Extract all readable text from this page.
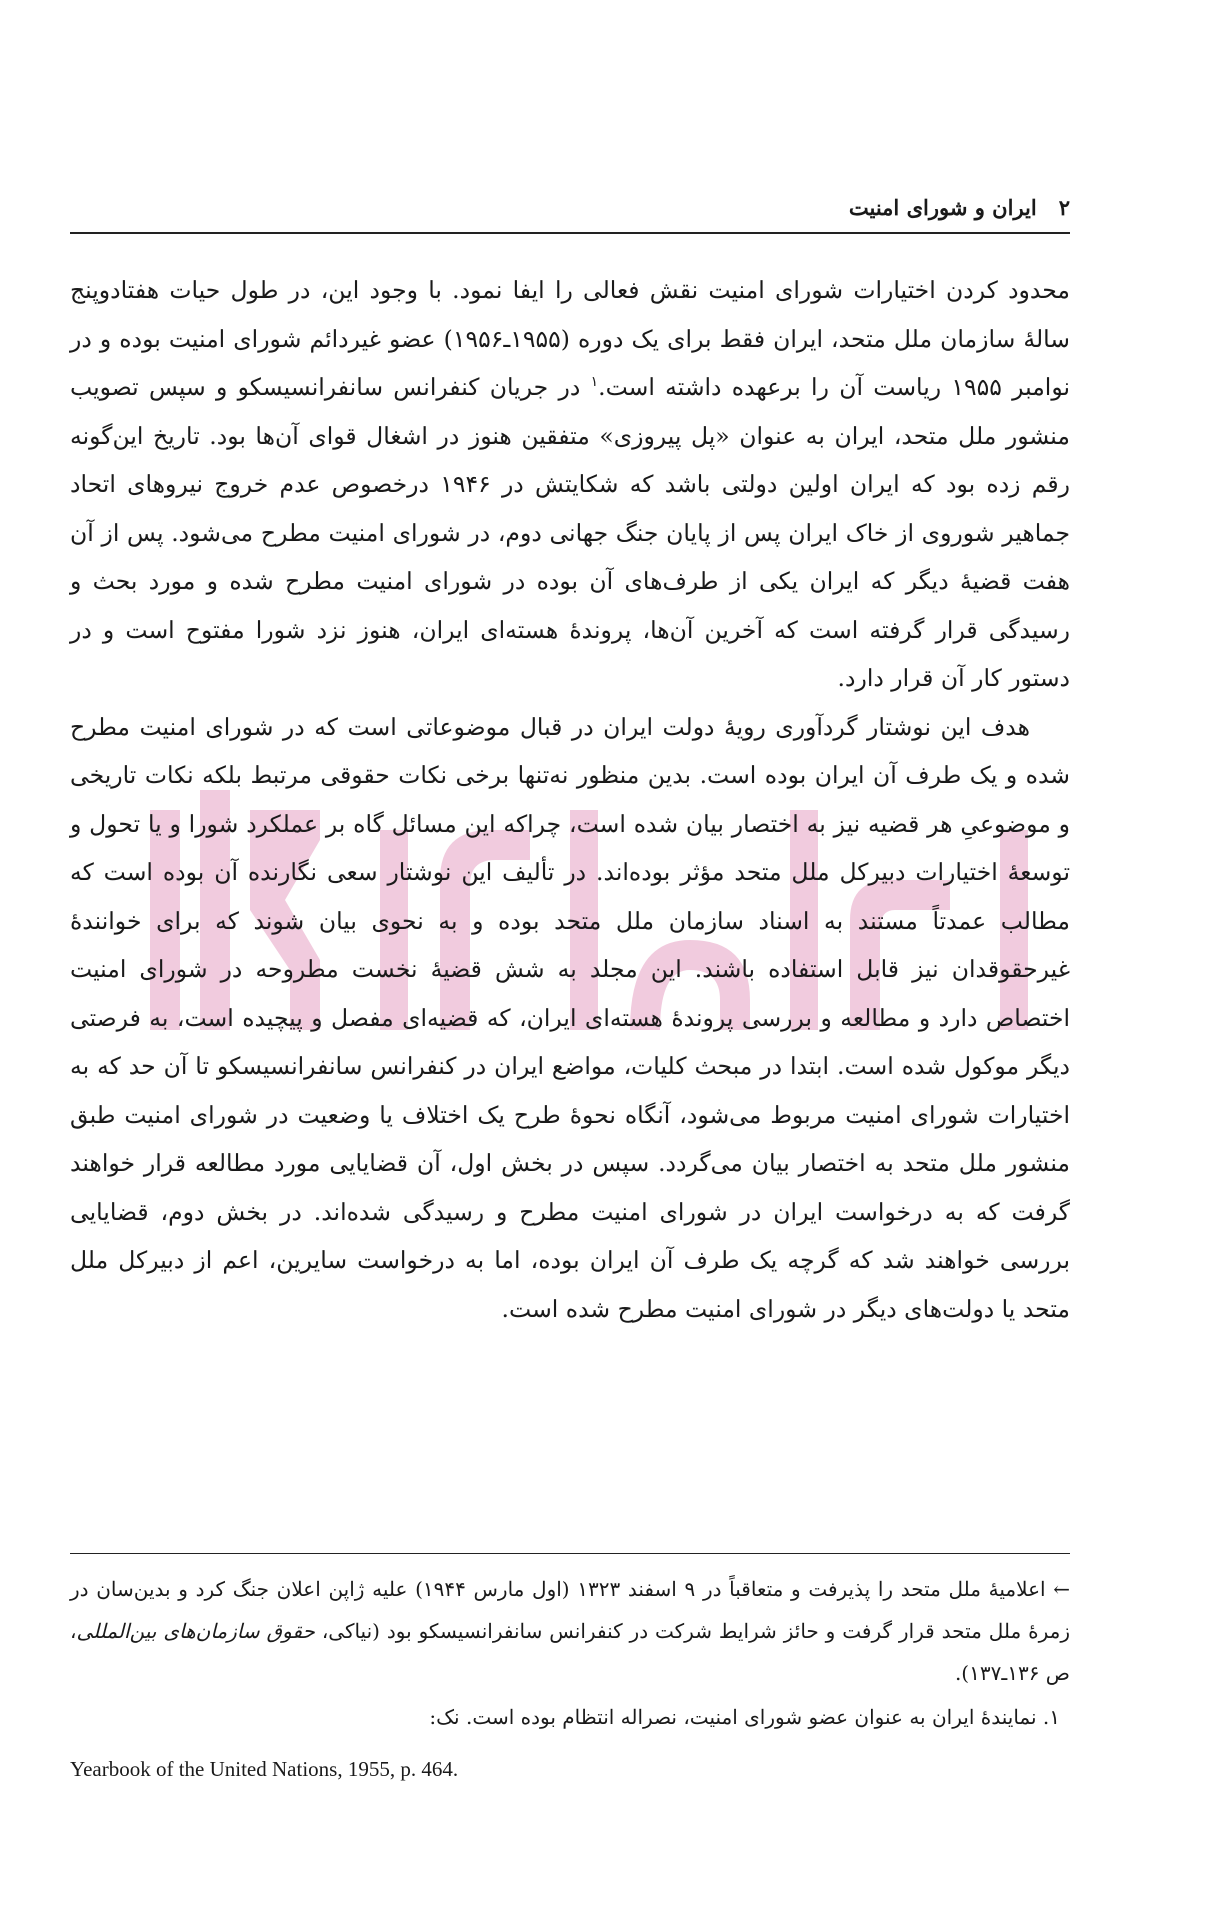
۲
ایران و شورای امنیت

محدود کردن اختیارات شورای امنیت نقش فعالی را ایفا نمود. با وجود این، در طول حیات هفتادوپنج سالهٔ سازمان ملل متحد، ایران فقط برای یک دوره (۱۹۵۵ـ۱۹۵۶) عضو غیردائم شورای امنیت بوده و در نوامبر ۱۹۵۵ ریاست آن را برعهده داشته است.$^۱$ در جریان کنفرانس سانفرانسیسکو و سپس تصویب منشور ملل متحد، ایران به عنوان «پل پیروزی» متفقین هنوز در اشغال قوای آن‌ها بود. تاریخ این‌گونه رقم زده بود که ایران اولین دولتی باشد که شکایتش در ۱۹۴۶ درخصوص عدم خروج نیروهای اتحاد جماهیر شوروی از خاک ایران پس از پایان جنگ جهانی دوم، در شورای امنیت مطرح می‌شود. پس از آن هفت قضیهٔ دیگر که ایران یکی از طرف‌های آن بوده در شورای امنیت مطرح شده و مورد بحث و رسیدگی قرار گرفته است که آخرین آن‌ها، پروندهٔ هسته‌ای ایران، هنوز نزد شورا مفتوح است و در دستور کار آن قرار دارد.

هدف این نوشتار گردآوری رویهٔ دولت ایران در قبال موضوعاتی است که در شورای امنیت مطرح شده و یک طرف آن ایران بوده است. بدین منظور نه‌تنها برخی نکات حقوقی مرتبط بلکه نکات تاریخی و موضوعیِ هر قضیه نیز به اختصار بیان شده است، چراکه این مسائل گاه بر عملکرد شورا و یا تحول و توسعهٔ اختیارات دبیرکل ملل متحد مؤثر بوده‌اند. در تألیف این نوشتار سعی نگارنده آن بوده است که مطالب عمدتاً مستند به اسناد سازمان ملل متحد بوده و به نحوی بیان شوند که برای خوانندهٔ غیرحقوقدان نیز قابل استفاده باشند. این مجلد به شش قضیهٔ نخست مطروحه در شورای امنیت اختصاص دارد و مطالعه و بررسی پروندهٔ هسته‌ای ایران، که قضیه‌ای مفصل و پیچیده است، به فرصتی دیگر موکول شده است. ابتدا در مبحث کلیات، مواضع ایران در کنفرانس سانفرانسیسکو تا آن حد که به اختیارات شورای امنیت مربوط می‌شود، آنگاه نحوهٔ طرح یک اختلاف یا وضعیت در شورای امنیت طبق منشور ملل متحد به اختصار بیان می‌گردد. سپس در بخش اول، آن قضایایی مورد مطالعه قرار خواهند گرفت که به درخواست ایران در شورای امنیت مطرح و رسیدگی شده‌اند. در بخش دوم، قضایایی بررسی خواهند شد که گرچه یک طرف آن ایران بوده، اما به درخواست سایرین، اعم از دبیرکل ملل متحد یا دولت‌های دیگر در شورای امنیت مطرح شده است.

← اعلامیهٔ ملل متحد را پذیرفت و متعاقباً در ۹ اسفند ۱۳۲۳ (اول مارس ۱۹۴۴) علیه ژاپن اعلان جنگ کرد و بدین‌سان در زمرهٔ ملل متحد قرار گرفت و حائز شرایط شرکت در کنفرانس سانفرانسیسکو بود (نیاکی، حقوق سازمان‌های بین‌المللی، ص ۱۳۶ـ۱۳۷).

۱. نمایندهٔ ایران به عنوان عضو شورای امنیت، نصراله انتظام بوده است. نک:

Yearbook of the United Nations, 1955, p. 464.
